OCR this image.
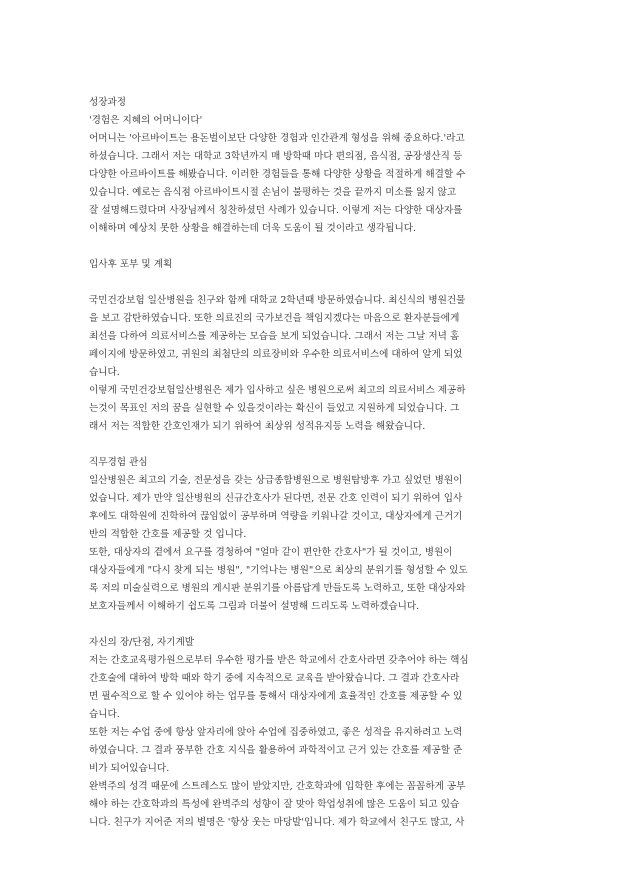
성장과정
'경험은 지혜의 어머니이다'
어머니는 '아르바이트는 용돈벌이보단 다양한 경험과 인간관계 형성을 위해 중요하다.'라고
하셨습니다. 그래서 저는 대학교 3학년까지 매 방학때 마다 편의점, 음식점, 공장생산직 등
다양한 아르바이트를 해봤습니다. 이러한 경험들을 통해 다양한 상황을 적절하게 해결할 수
있습니다. 예로는 음식점 아르바이트시절 손님이 불평하는 것을 끝까지 미소를 잃지 않고
잘 설명해드렸다며 사장님께서 칭찬하셨던 사례가 있습니다. 이렇게 저는 다양한 대상자를
이해하며 예상치 못한 상황을 해결하는데 더욱 도움이 될 것이라고 생각됩니다.
입사후 포부 및 계획
국민건강보험 일산병원을 친구와 함께 대학교 2학년때 방문하였습니다. 최신식의 병원건물
을 보고 감탄하였습니다. 또한 의료진의 국가보건을 책임지겠다는 마음으로 환자분들에게
최선을 다하여 의료서비스를 제공하는 모습을 보게 되었습니다. 그래서 저는 그날 저녁 홈
페이지에 방문하였고, 귀원의 최첨단의 의료장비와 우수한 의료서비스에 대하여 알게 되었
습니다.
이렇게 국민건강보험일산병원은 제가 입사하고 싶은 병원으로써 최고의 의료서비스 제공하
는것이 목표인 저의 꿈을 실현할 수 있을것이라는 확신이 들었고 지원하게 되었습니다. 그
래서 저는 적합한 간호인재가 되기 위하여 최상위 성적유지등 노력을 해왔습니다.
직무경험 관심
일산병원은 최고의 기술, 전문성을 갖는 상급종합병원으로 병원탐방후 가고 싶었던 병원이
었습니다. 제가 만약 일산병원의 신규간호사가 된다면, 전문 간호 인력이 되기 위하여 입사
후에도 대학원에 진학하여 끊임없이 공부하며 역량을 키워나갈 것이고, 대상자에게 근거기
반의 적합한 간호를 제공할 것 입니다.
또한, 대상자의 곁에서 요구를 경청하여 "얼마 같이 편안한 간호사"가 될 것이고, 병원이
대상자들에게 "다시 찾게 되는 병원", "기억나는 병원"으로 최상의 분위기를 형성할 수 있도
록 저의 미술실력으로 병원의 게시판 분위기를 아름답게 만들도록 노력하고, 또한 대상자와
보호자들께서 이해하기 쉽도록 그림과 더불어 설명해 드리도록 노력하겠습니다.
자신의 장/단점, 자기계발
저는 간호교육평가원으로부터 우수한 평가를 받은 학교에서 간호사라면 갖추어야 하는 핵심
간호술에 대하여 방학 때와 학기 중에 지속적으로 교육을 받아왔습니다. 그 결과 간호사라
면 필수적으로 할 수 있어야 하는 업무를 통해서 대상자에게 효율적인 간호를 제공할 수 있
습니다.
또한 저는 수업 중에 항상 앞자리에 앉아 수업에 집중하였고, 좋은 성적을 유지하려고 노력
하였습니다. 그 결과 풍부한 간호 지식을 활용하여 과학적이고 근거 있는 간호를 제공할 준
비가 되어있습니다.
완벽주의 성격 때문에 스트레스도 많이 받았지만, 간호학과에 입학한 후에는 꼼꼼하게 공부
해야 하는 간호학과의 특성에 완벽주의 성향이 잘 맞아 학업성취에 많은 도움이 되고 있습
니다. 친구가 지어준 저의 별명은 '항상 웃는 마당발'입니다. 제가 학교에서 친구도 많고, 사
